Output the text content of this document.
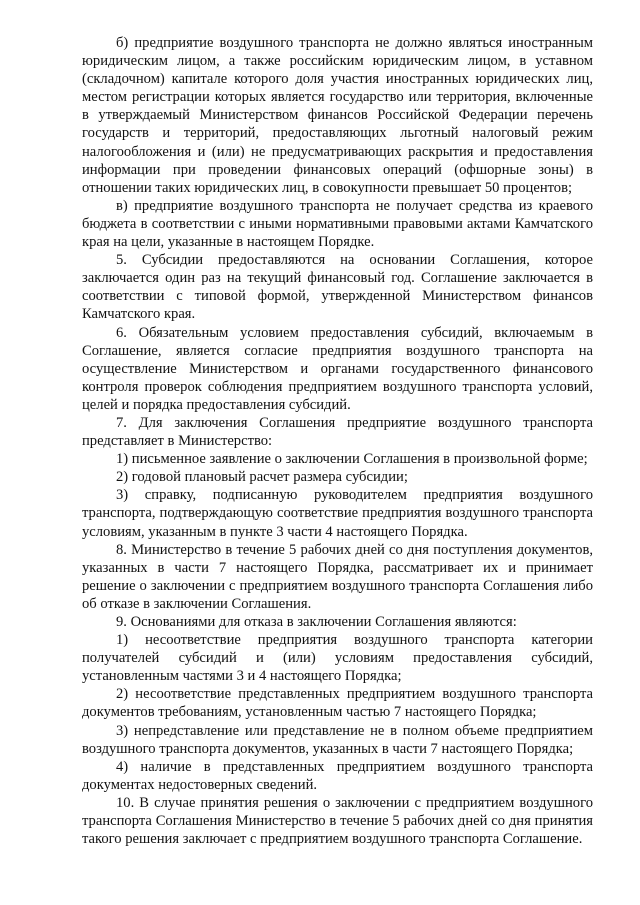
б) предприятие воздушного транспорта не должно являться иностранным юридическим лицом, а также российским юридическим лицом, в уставном (складочном) капитале которого доля участия иностранных юридических лиц, местом регистрации которых является государство или территория, включенные в утверждаемый Министерством финансов Российской Федерации перечень государств и территорий, предоставляющих льготный налоговый режим налогообложения и (или) не предусматривающих раскрытия и предоставления информации при проведении финансовых операций (офшорные зоны) в отношении таких юридических лиц, в совокупности превышает 50 процентов;

в) предприятие воздушного транспорта не получает средства из краевого бюджета в соответствии с иными нормативными правовыми актами Камчатского края на цели, указанные в настоящем Порядке.

5. Субсидии предоставляются на основании Соглашения, которое заключается один раз на текущий финансовый год. Соглашение заключается в соответствии с типовой формой, утвержденной Министерством финансов Камчатского края.

6. Обязательным условием предоставления субсидий, включаемым в Соглашение, является согласие предприятия воздушного транспорта на осуществление Министерством и органами государственного финансового контроля проверок соблюдения предприятием воздушного транспорта условий, целей и порядка предоставления субсидий.

7. Для заключения Соглашения предприятие воздушного транспорта представляет в Министерство:

1) письменное заявление о заключении Соглашения в произвольной форме;

2) годовой плановый расчет размера субсидии;

3) справку, подписанную руководителем предприятия воздушного транспорта, подтверждающую соответствие предприятия воздушного транспорта условиям, указанным в пункте 3 части 4 настоящего Порядка.

8. Министерство в течение 5 рабочих дней со дня поступления документов, указанных в части 7 настоящего Порядка, рассматривает их и принимает решение о заключении с предприятием воздушного транспорта Соглашения либо об отказе в заключении Соглашения.

9. Основаниями для отказа в заключении Соглашения являются:

1) несоответствие предприятия воздушного транспорта категории получателей субсидий и (или) условиям предоставления субсидий, установленным частями 3 и 4 настоящего Порядка;

2) несоответствие представленных предприятием воздушного транспорта документов требованиям, установленным частью 7 настоящего Порядка;

3) непредставление или представление не в полном объеме предприятием воздушного транспорта документов, указанных в части 7 настоящего Порядка;

4) наличие в представленных предприятием воздушного транспорта документах недостоверных сведений.

10. В случае принятия решения о заключении с предприятием воздушного транспорта Соглашения Министерство в течение 5 рабочих дней со дня принятия такого решения заключает с предприятием воздушного транспорта Соглашение.
